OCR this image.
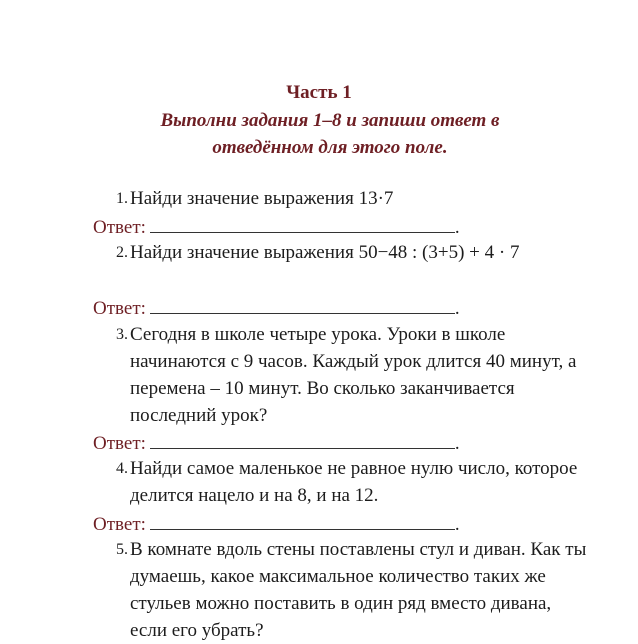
Часть 1
Выполни задания 1–8 и запиши ответ в отведённом для этого поле.
1. Найди значение выражения 13·7
Ответ:	.
2. Найди значение выражения 50−48 : (3+5) + 4 · 7
Ответ:	.
3. Сегодня в школе четыре урока. Уроки в школе начинаются с 9 часов. Каждый урок длится 40 минут, а перемена – 10 минут. Во сколько заканчивается последний урок?
Ответ:	.
4. Найди самое маленькое не равное нулю число, которое делится нацело и на 8, и на 12.
Ответ:	.
5. В комнате вдоль стены поставлены стул и диван. Как ты думаешь, какое максимальное количество таких же стульев можно поставить в один ряд вместо дивана, если его убрать?
